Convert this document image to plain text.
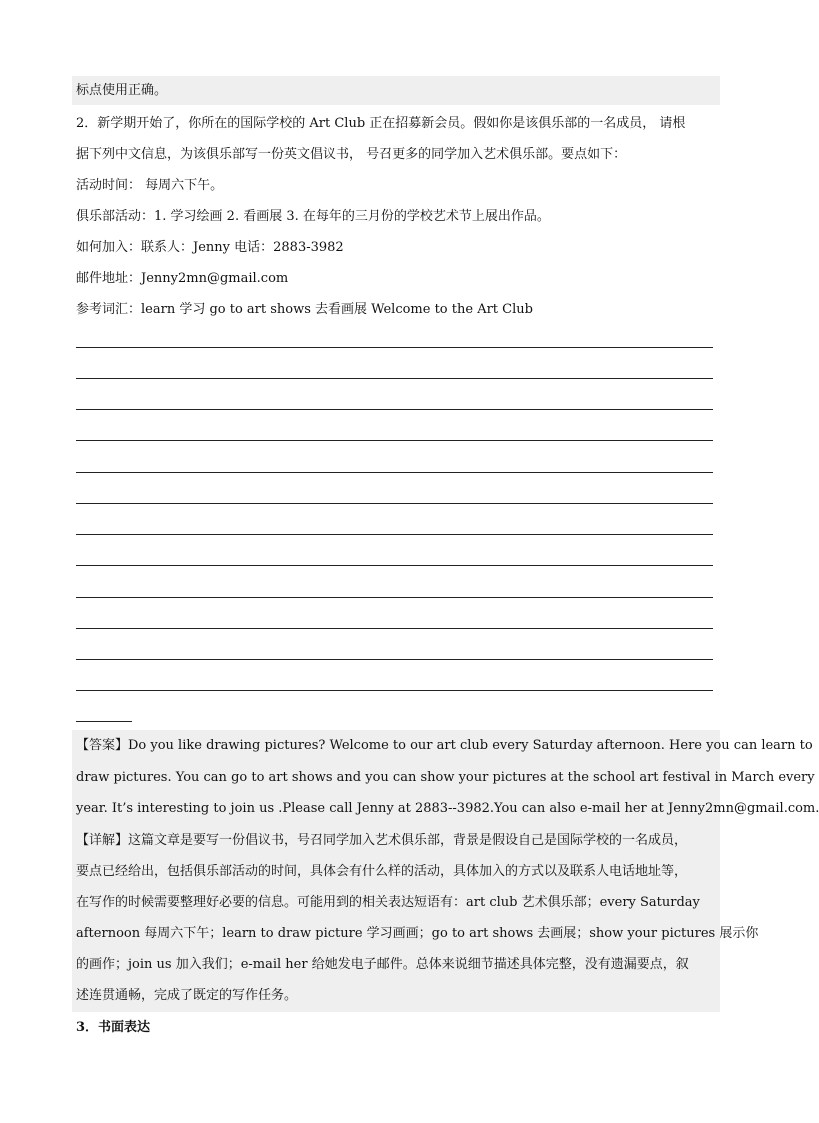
标点使用正确。
2．新学期开始了，你所在的国际学校的 Art Club 正在招募新会员。假如你是该俱乐部的一名成员， 请根
据下列中文信息，为该俱乐部写一份英文倡议书， 号召更多的同学加入艺术俱乐部。要点如下：
活动时间： 每周六下午。
俱乐部活动：1. 学习绘画 2. 看画展 3. 在每年的三月份的学校艺术节上展出作品。
如何加入：联系人：Jenny 电话：2883-3982
邮件地址：Jenny2mn@gmail.com
参考词汇：learn 学习 go to art shows 去看画展 Welcome to the Art Club
【答案】Do you like drawing pictures? Welcome to our art club every Saturday afternoon. Here you can learn to
draw pictures. You can go to art shows and you can show your pictures at the school art festival in March every
year. It’s interesting to join us .Please call Jenny at 2883--3982.You can also e-mail her at Jenny2mn@gmail.com.
【详解】这篇文章是要写一份倡议书，号召同学加入艺术俱乐部，背景是假设自己是国际学校的一名成员，
要点已经给出，包括俱乐部活动的时间，具体会有什么样的活动，具体加入的方式以及联系人电话地址等，
在写作的时候需要整理好必要的信息。可能用到的相关表达短语有：art club 艺术俱乐部；every Saturday
afternoon 每周六下午；learn to draw picture 学习画画；go to art shows 去画展；show your pictures 展示你
的画作；join us 加入我们；e-mail her 给她发电子邮件。总体来说细节描述具体完整，没有遗漏要点，叙
述连贯通畅，完成了既定的写作任务。
3．书面表达
